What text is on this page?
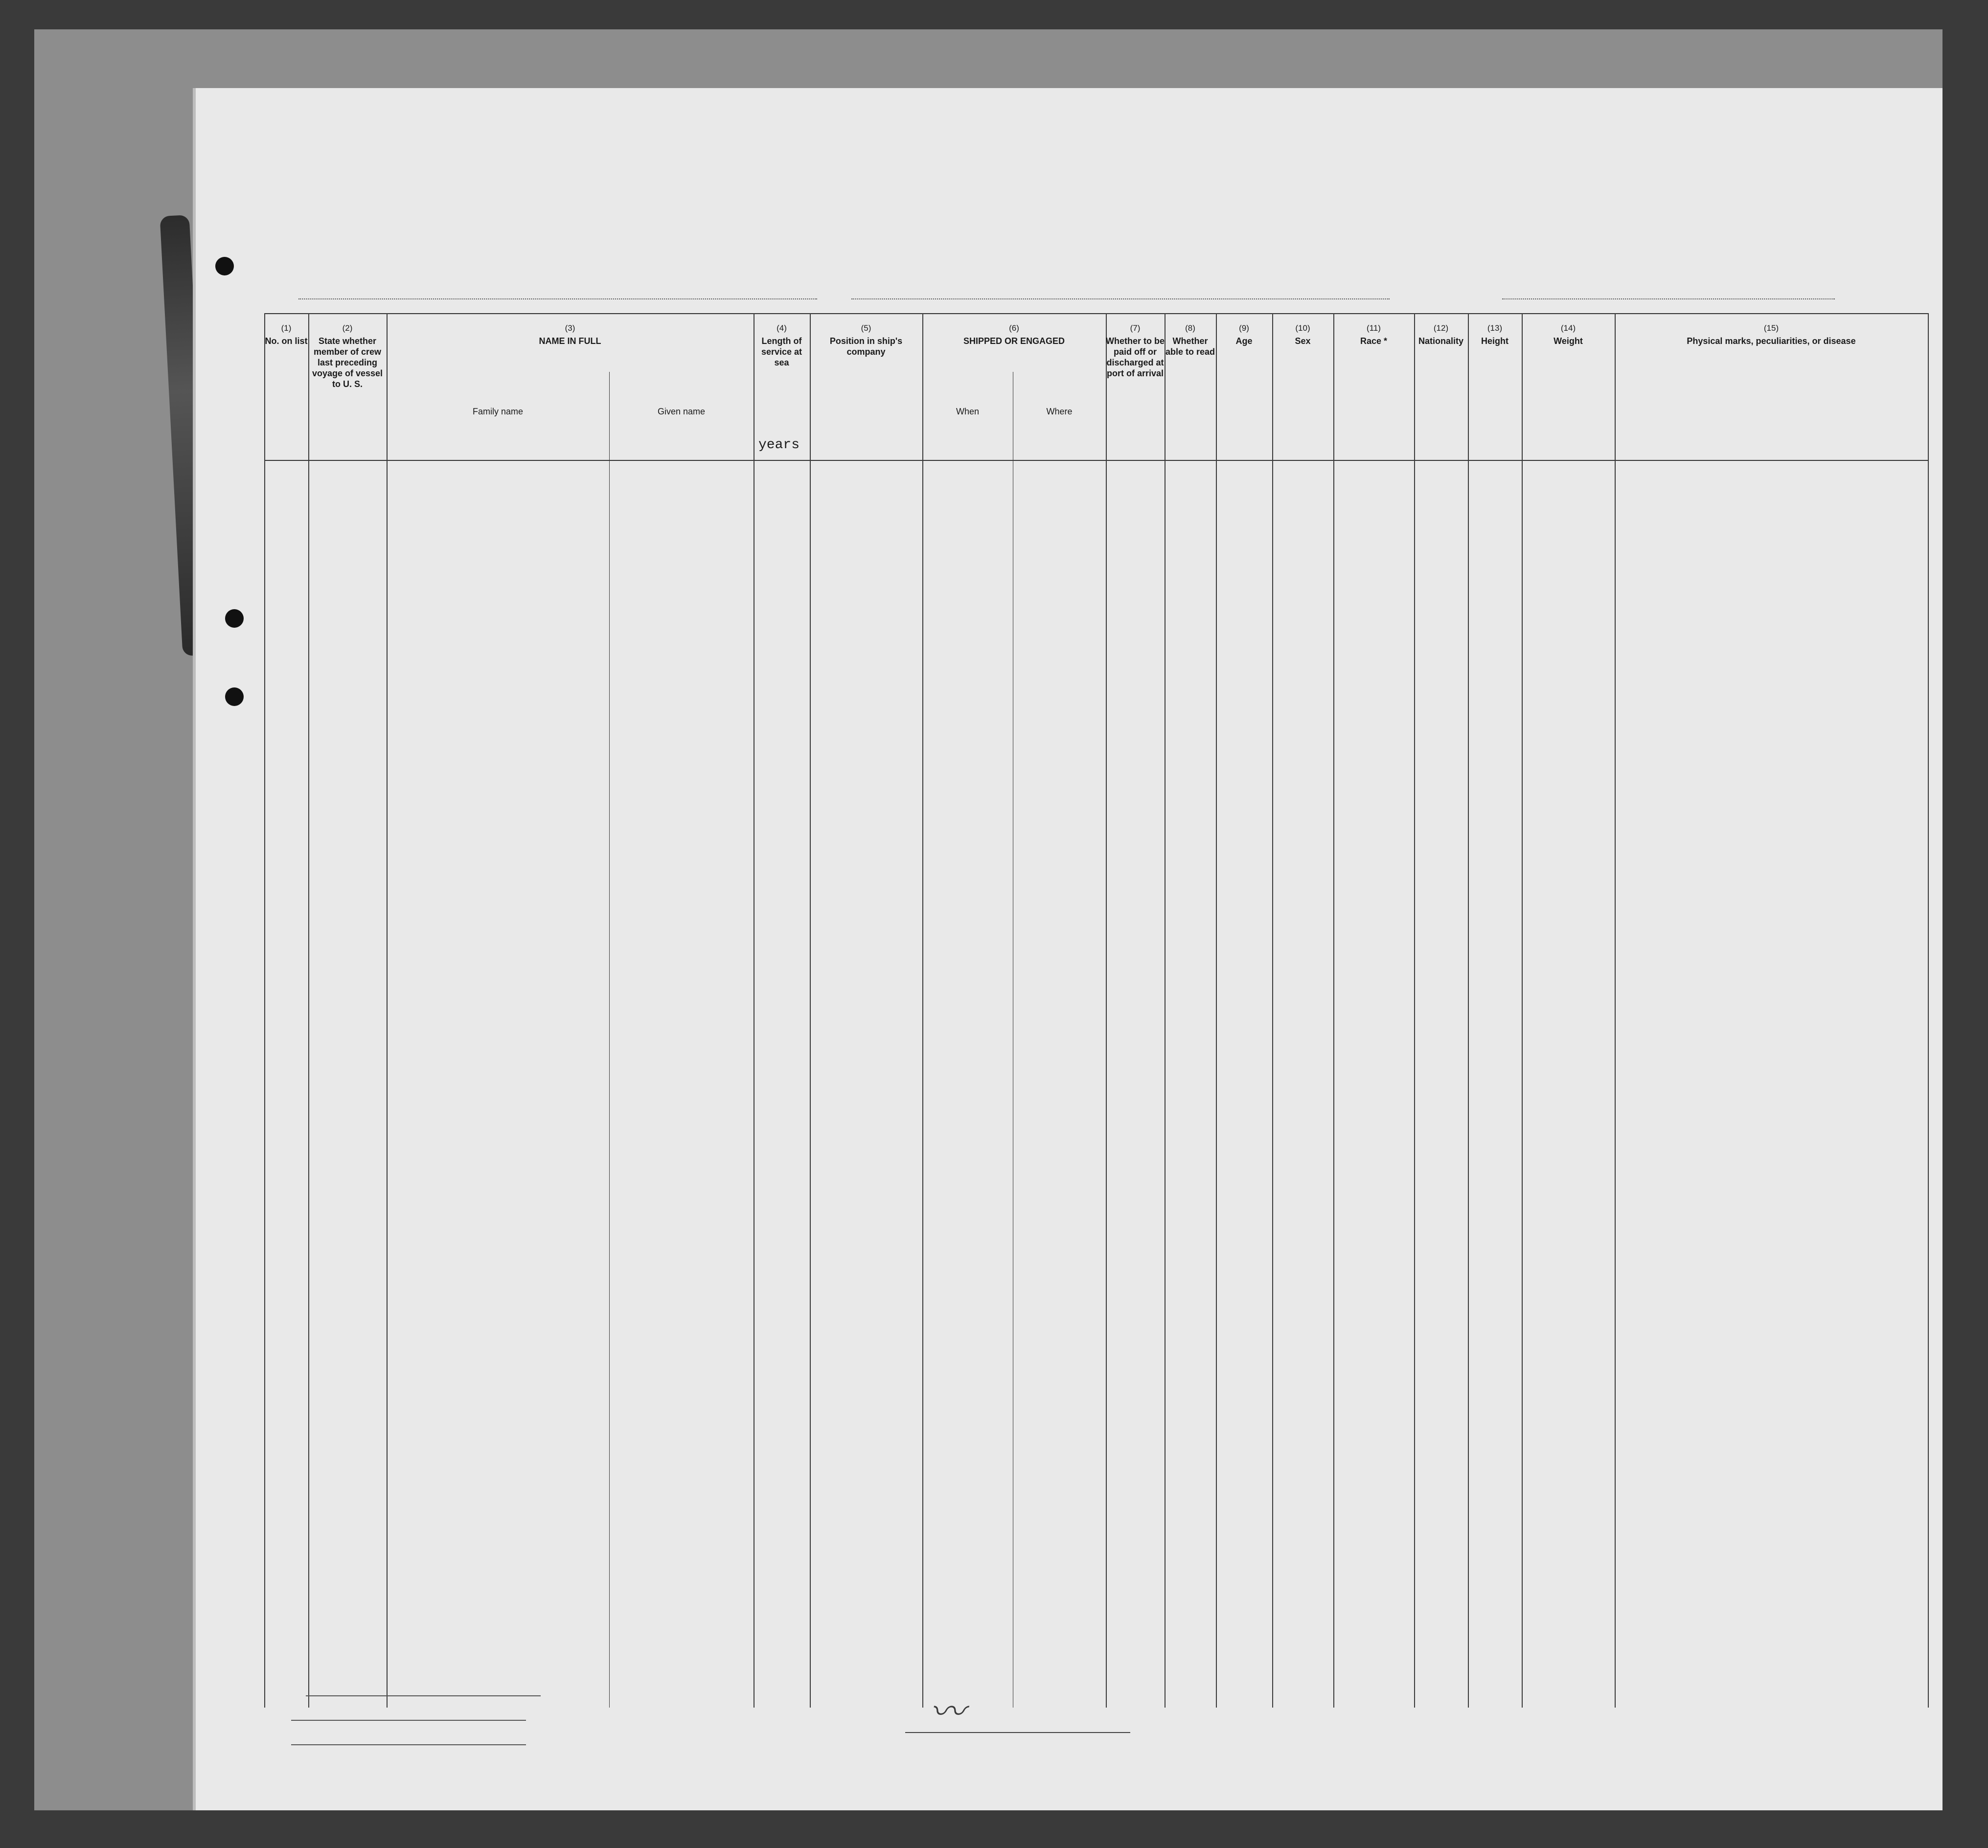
(1)
No. on list
(2)
State whether member of crew last preceding voyage of vessel to U. S.
(3)
NAME IN FULL
Family name	Given name
(4)
Length of service at sea
years
(5)
Position in ship's company
(6)
SHIPPED OR ENGAGED
When	Where
(7)
Whether to be paid off or discharged at port of arrival
(8)
Whether able to read
(9)
Age
(10)
Sex
(11)
Race *
(12)
Nationality
(13)
Height
(14)
Weight
(15)
Physical marks, peculiarities, or disease
〰
